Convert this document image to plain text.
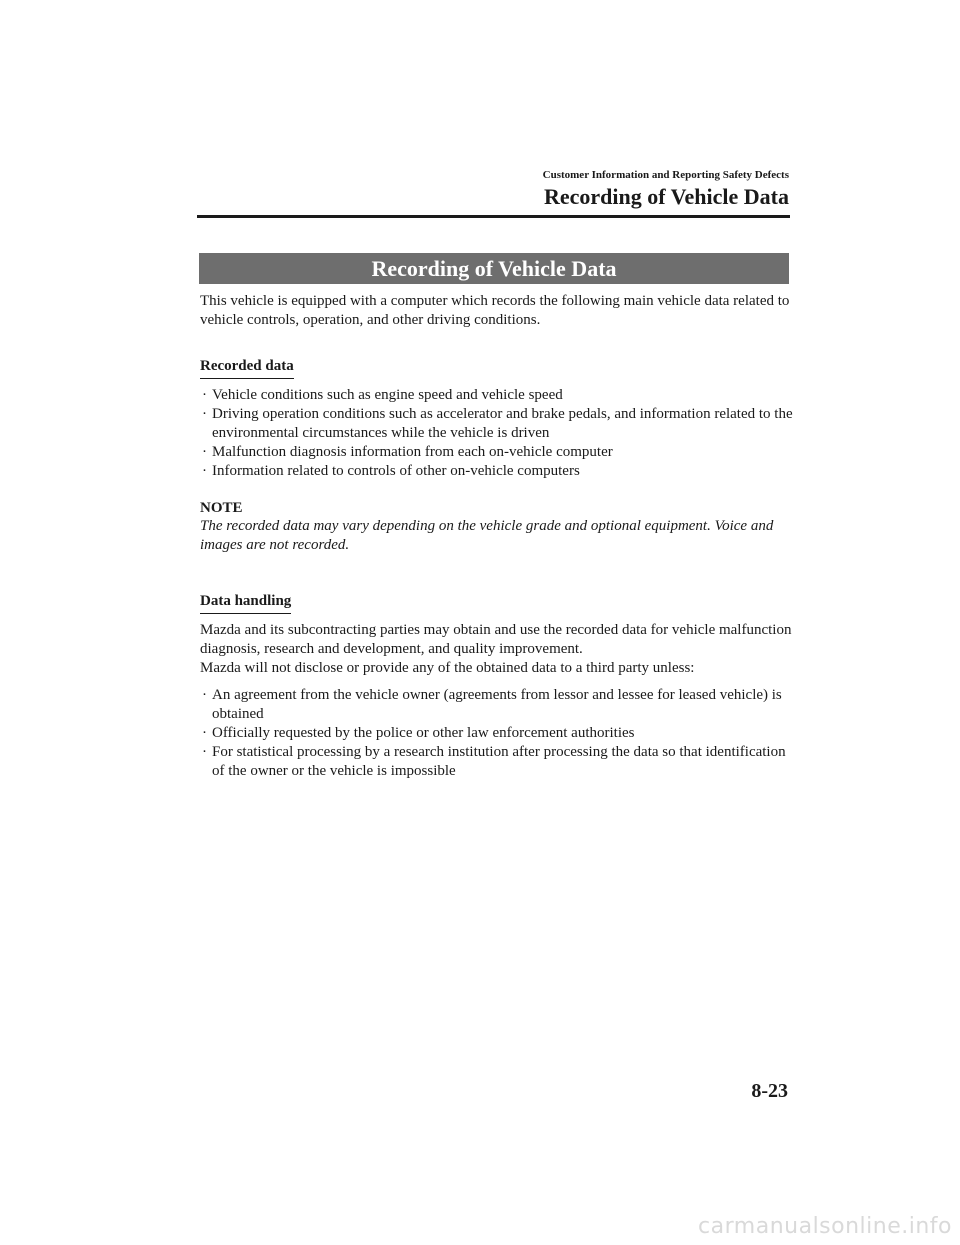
Customer Information and Reporting Safety Defects
Recording of Vehicle Data
Recording of Vehicle Data

This vehicle is equipped with a computer which records the following main vehicle data related to vehicle controls, operation, and other driving conditions.

Recorded data
· Vehicle conditions such as engine speed and vehicle speed
· Driving operation conditions such as accelerator and brake pedals, and information related to the environmental circumstances while the vehicle is driven
· Malfunction diagnosis information from each on-vehicle computer
· Information related to controls of other on-vehicle computers
NOTE
The recorded data may vary depending on the vehicle grade and optional equipment. Voice and images are not recorded.
Data handling

Mazda and its subcontracting parties may obtain and use the recorded data for vehicle malfunction diagnosis, research and development, and quality improvement.

Mazda will not disclose or provide any of the obtained data to a third party unless:

· An agreement from the vehicle owner (agreements from lessor and lessee for leased vehicle) is obtained
· Officially requested by the police or other law enforcement authorities
· For statistical processing by a research institution after processing the data so that identification of the owner or the vehicle is impossible
8-23
carmanualsonline.info
